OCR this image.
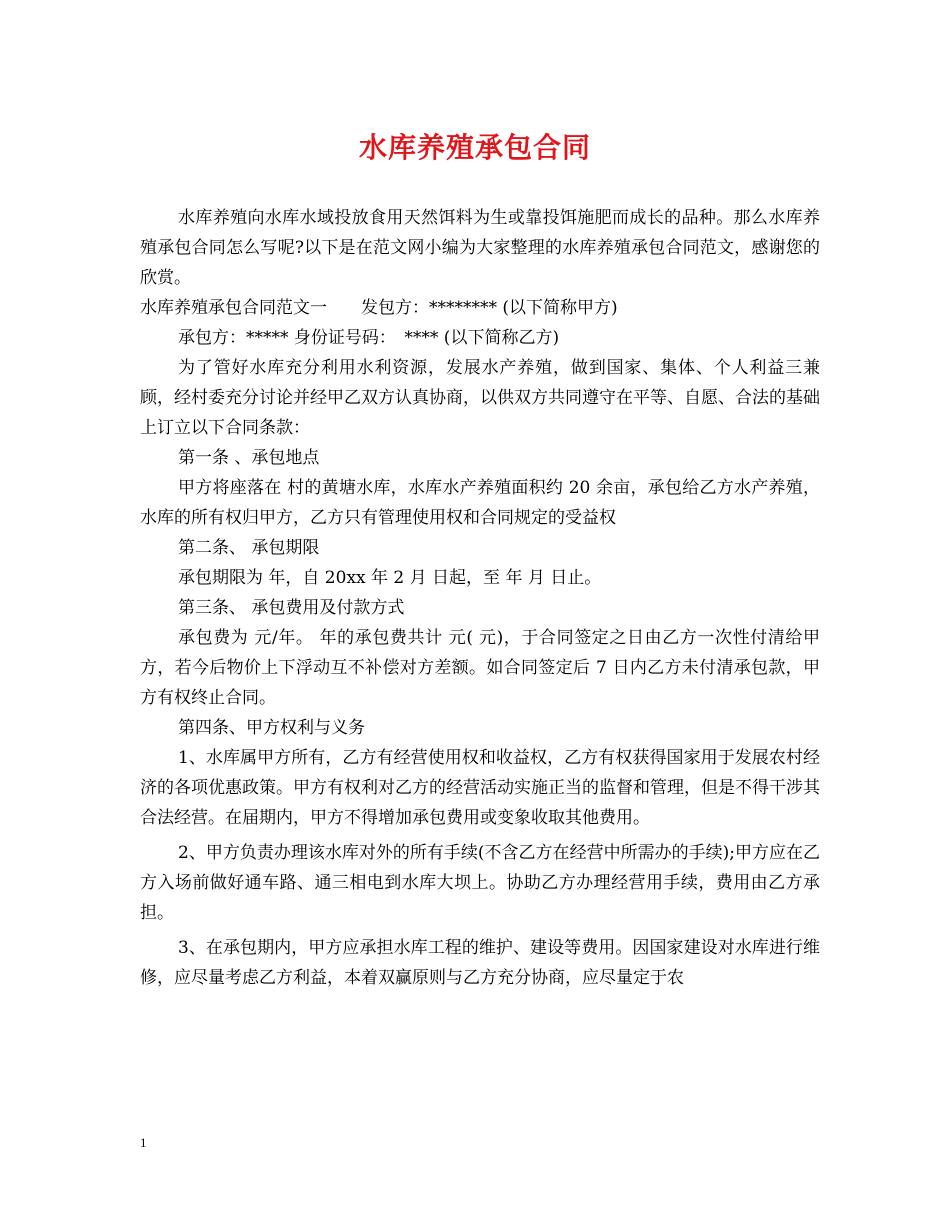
水库养殖承包合同

水库养殖向水库水域投放食用天然饵料为生或靠投饵施肥而成长的品种。那么水库养殖承包合同怎么写呢?以下是在范文网小编为大家整理的水库养殖承包合同范文，感谢您的欣赏。

水库养殖承包合同范文一　　发包方：******** (以下简称甲方)

承包方：***** 身份证号码：　**** (以下简称乙方)

为了管好水库充分利用水利资源，发展水产养殖，做到国家、集体、个人利益三兼顾，经村委充分讨论并经甲乙双方认真协商，以供双方共同遵守在平等、自愿、合法的基础上订立以下合同条款：

第一条 、承包地点

甲方将座落在 村的黄塘水库，水库水产养殖面积约 20 余亩，承包给乙方水产养殖，水库的所有权归甲方，乙方只有管理使用权和合同规定的受益权

第二条、 承包期限

承包期限为 年，自 20xx 年 2 月 日起，至 年 月 日止。

第三条、 承包费用及付款方式

承包费为 元/年。 年的承包费共计 元( 元)，于合同签定之日由乙方一次性付清给甲方，若今后物价上下浮动互不补偿对方差额。如合同签定后 7 日内乙方未付清承包款，甲方有权终止合同。

第四条、甲方权利与义务

1、水库属甲方所有，乙方有经营使用权和收益权，乙方有权获得国家用于发展农村经济的各项优惠政策。甲方有权利对乙方的经营活动实施正当的监督和管理，但是不得干涉其合法经营。在届期内，甲方不得增加承包费用或变象收取其他费用。

2、甲方负责办理该水库对外的所有手续(不含乙方在经营中所需办的手续);甲方应在乙方入场前做好通车路、通三相电到水库大坝上。协助乙方办理经营用手续，费用由乙方承担。

3、在承包期内，甲方应承担水库工程的维护、建设等费用。因国家建设对水库进行维修，应尽量考虑乙方利益，本着双赢原则与乙方充分协商，应尽量定于农

1
